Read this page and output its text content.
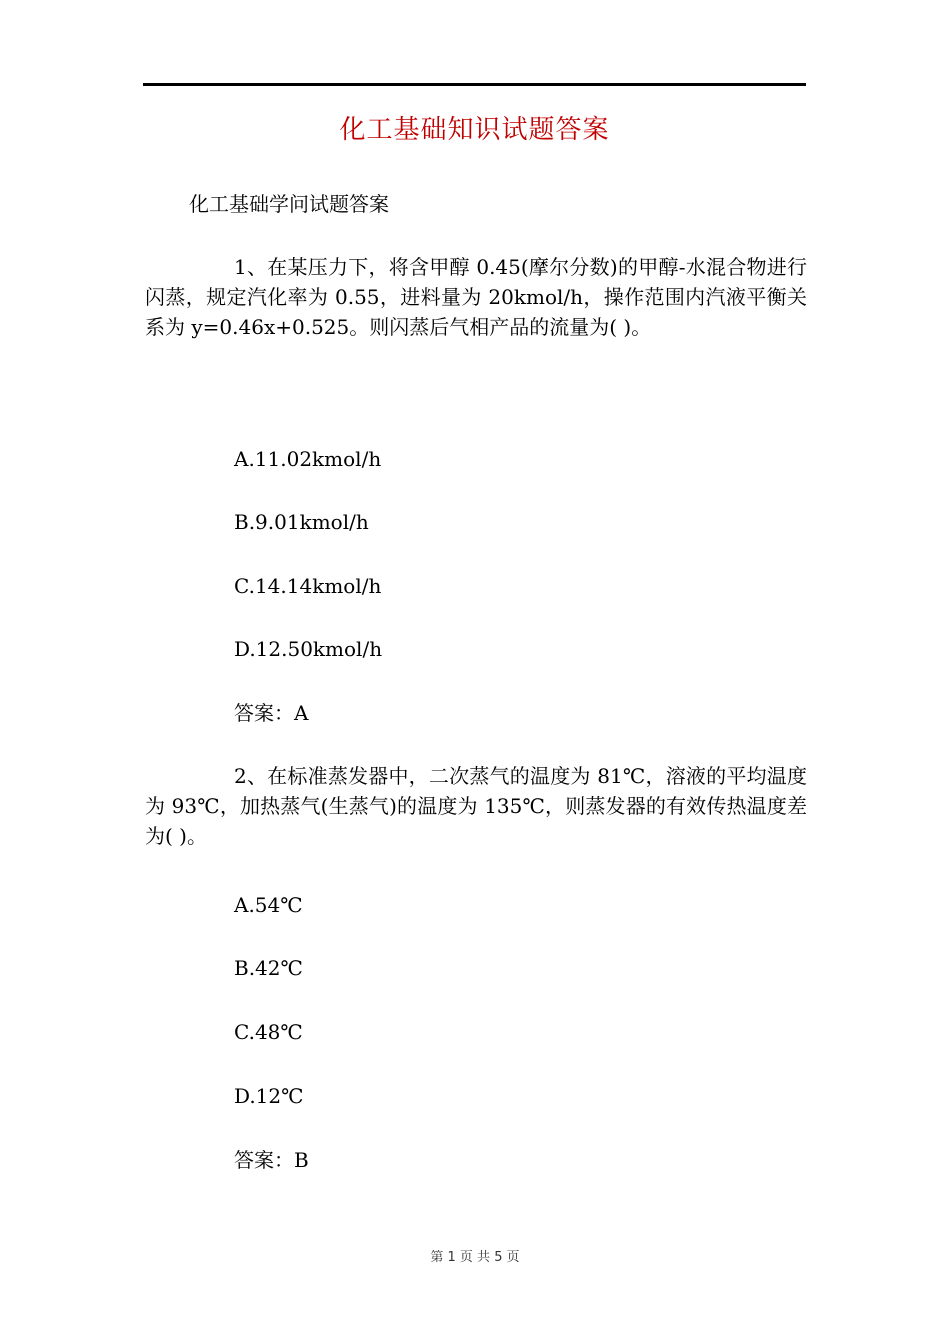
化工基础知识试题答案
化工基础学问试题答案
1、在某压力下，将含甲醇 0.45(摩尔分数)的甲醇-水混合物进行闪蒸，规定汽化率为 0.55，进料量为 20kmol/h，操作范围内汽液平衡关系为 y=0.46x+0.525。则闪蒸后气相产品的流量为( )。
A.11.02kmol/h
B.9.01kmol/h
C.14.14kmol/h
D.12.50kmol/h
答案：A
2、在标准蒸发器中，二次蒸气的温度为 81℃，溶液的平均温度为 93℃，加热蒸气(生蒸气)的温度为 135℃，则蒸发器的有效传热温度差为( )。
A.54℃
B.42℃
C.48℃
D.12℃
答案：B
第 1 页 共 5 页
